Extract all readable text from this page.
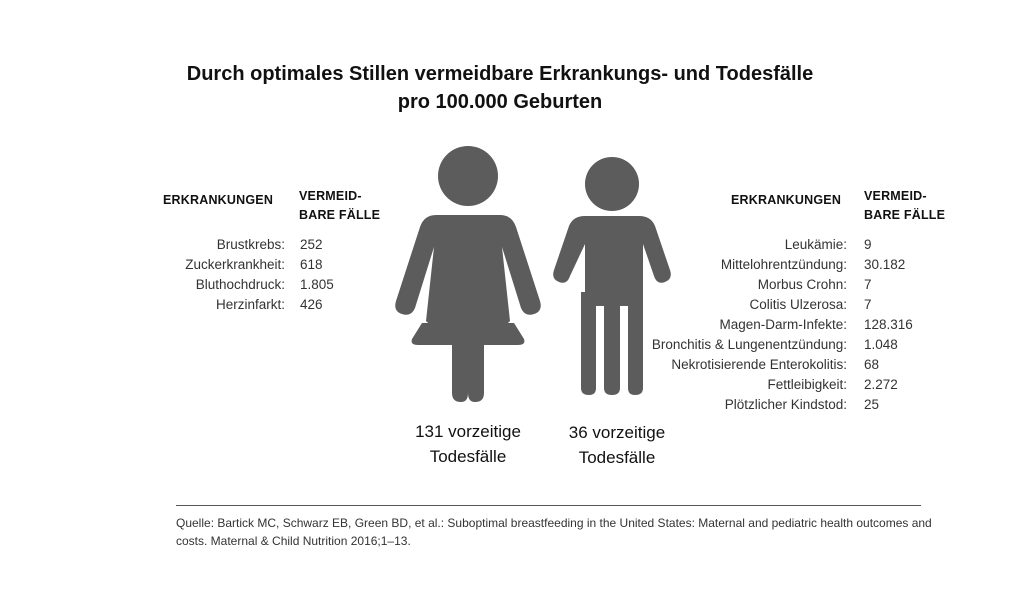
Durch optimales Stillen vermeidbare Erkrankungs- und Todesfälle
pro 100.000 Geburten
ERKRANKUNGEN VERMEID-
BARE FÄLLE
Brustkrebs: 252
Zuckerkrankheit: 618
Bluthochdruck: 1.805
Herzinfarkt: 426
ERKRANKUNGEN VERMEID-
BARE FÄLLE
Leukämie: 9
Mittelohrentzündung: 30.182
Morbus Crohn: 7
Colitis Ulzerosa: 7
Magen-Darm-Infekte: 128.316
Bronchitis & Lungenentzündung: 1.048
Nekrotisierende Enterokolitis: 68
Fettleibigkeit: 2.272
Plötzlicher Kindstod: 25
131 vorzeitige
Todesfälle
36 vorzeitige
Todesfälle
Quelle: Bartick MC, Schwarz EB, Green BD, et al.: Suboptimal breastfeeding in the United States: Maternal and pediatric health outcomes and costs. Maternal & Child Nutrition 2016;1–13.
